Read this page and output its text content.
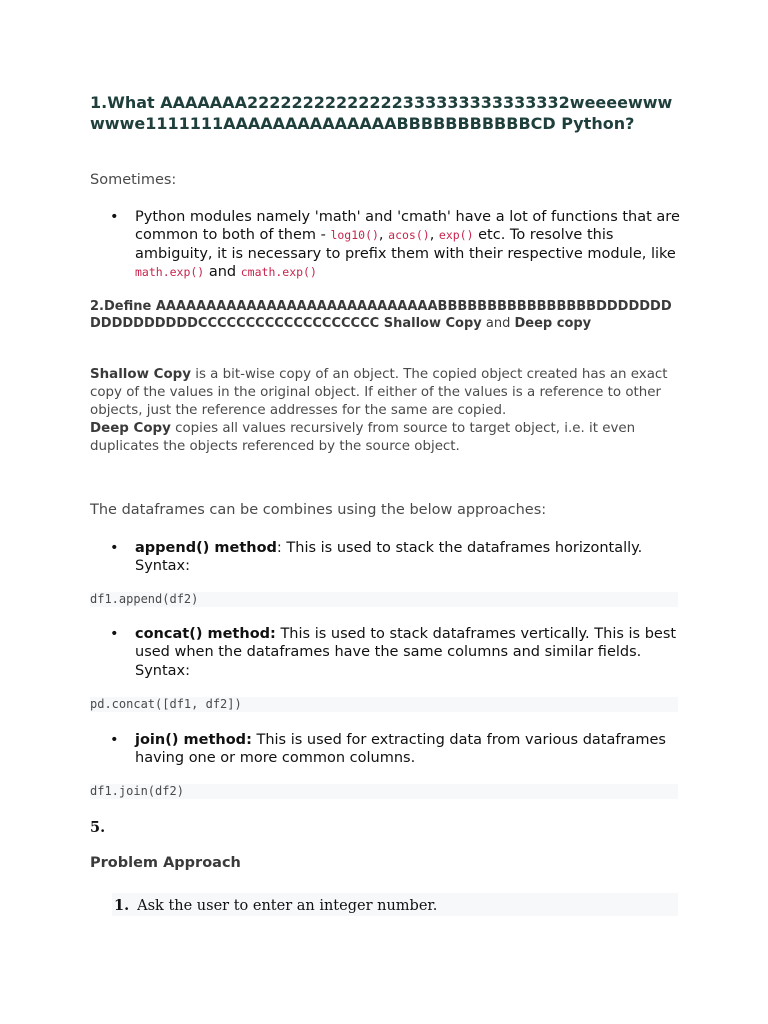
1.What AAAAAAA22222222222222333333333333332weeeewwwwwwe1111111AAAAAAAAAAAAAABBBBBBBBBBBCD Python?

Sometimes:

• Python modules namely 'math' and 'cmath' have a lot of functions that are common to both of them - log10(), acos(), exp() etc. To resolve this ambiguity, it is necessary to prefix them with their respective module, like math.exp() and cmath.exp()
2.Define AAAAAAAAAAAAAAAAAAAAAAAAAAAABBBBBBBBBBBBBBBBDDDDDDDDDDDDDDDDDCCCCCCCCCCCCCCCCCCC Shallow Copy and Deep copy

Shallow Copy is a bit-wise copy of an object. The copied object created has an exact copy of the values in the original object. If either of the values is a reference to other objects, just the reference addresses for the same are copied.
Deep Copy copies all values recursively from source to target object, i.e. it even duplicates the objects referenced by the source object.

The dataframes can be combines using the below approaches:

• append() method: This is used to stack the dataframes horizontally. Syntax:
df1.append(df2)
• concat() method: This is used to stack dataframes vertically. This is best used when the dataframes have the same columns and similar fields. Syntax:
pd.concat([df1, df2])
• join() method: This is used for extracting data from various dataframes having one or more common columns.
df1.join(df2)

5.

Problem Approach

1. Ask the user to enter an integer number.
